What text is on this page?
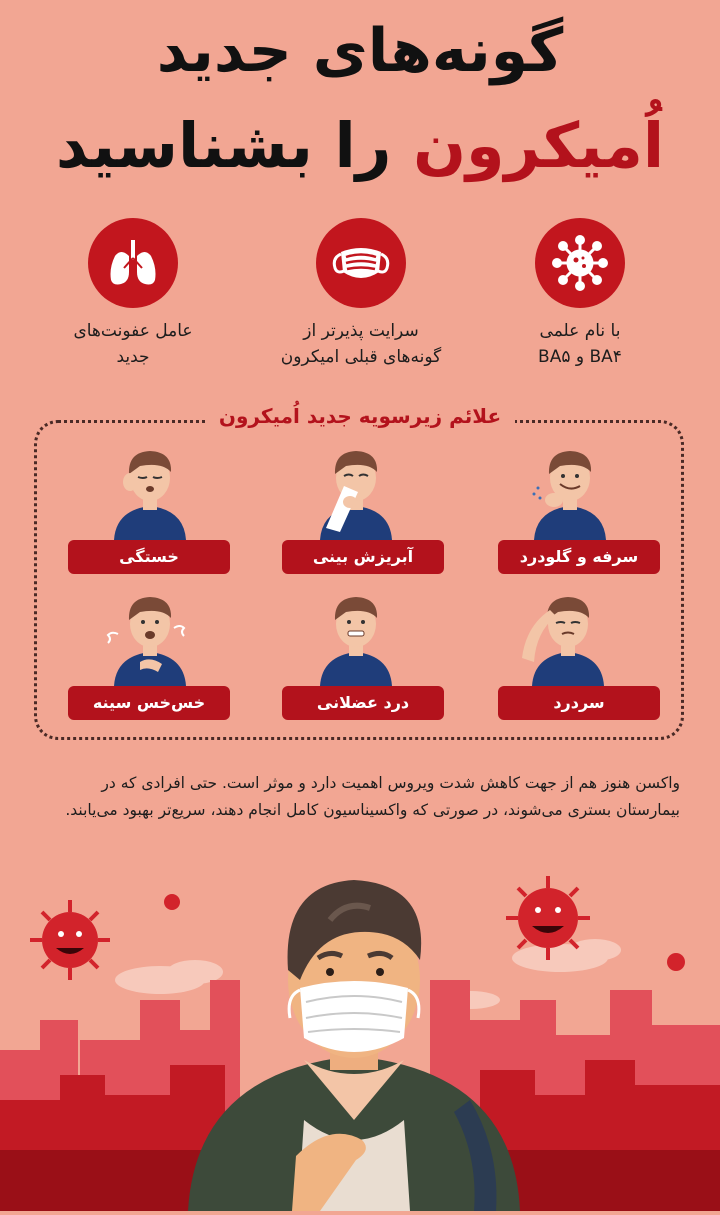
گونه‌های جدید
اُمیکرون را بشناسید
با نام علمی
BA۴ و BA۵
سرایت پذیرتر از
گونه‌های قبلی امیکرون
عامل عفونت‌های
جدید
علائم زیرسویه جدید اُمیکرون
سرفه و گلودرد
آبریزش بینی
خستگی
سردرد
درد عضلانی
خس‌خس سینه
واکسن هنوز هم از جهت کاهش شدت ویروس اهمیت دارد و موثر است. حتی افرادی که در بیمارستان بستری می‌شوند، در صورتی که واکسیناسیون کامل انجام دهند، سریع‌تر بهبود می‌یابند.
